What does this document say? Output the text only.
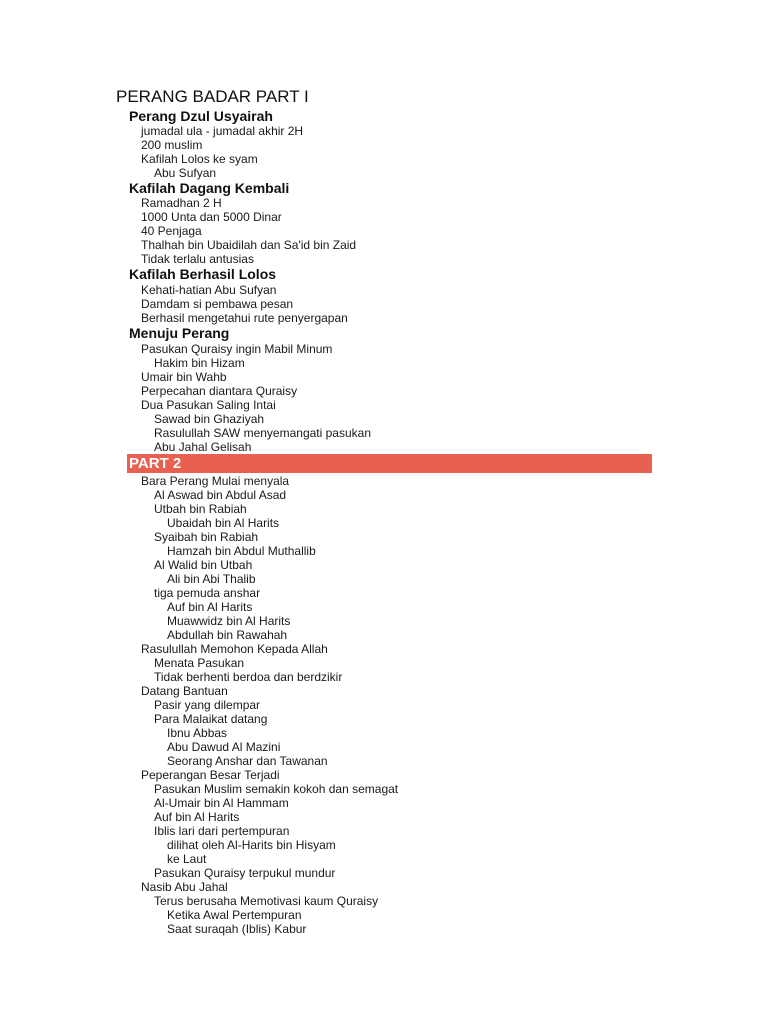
PERANG BADAR PART I
Perang Dzul Usyairah
jumadal ula - jumadal akhir 2H
200 muslim
Kafilah Lolos ke syam
Abu Sufyan
Kafilah Dagang Kembali
Ramadhan 2 H
1000 Unta dan 5000 Dinar
40 Penjaga
Thalhah bin Ubaidilah dan Sa'id bin Zaid
Tidak terlalu antusias
Kafilah Berhasil Lolos
Kehati-hatian Abu Sufyan
Damdam si pembawa pesan
Berhasil mengetahui rute penyergapan
Menuju Perang
Pasukan Quraisy ingin Mabil Minum
Hakim bin Hizam
Umair bin Wahb
Perpecahan diantara Quraisy
Dua Pasukan Saling Intai
Sawad bin Ghaziyah
Rasulullah SAW menyemangati pasukan
Abu Jahal Gelisah
PART 2
Bara Perang Mulai menyala
Al Aswad bin Abdul Asad
Utbah bin Rabiah
Ubaidah bin Al Harits
Syaibah bin Rabiah
Hamzah bin Abdul Muthallib
Al Walid bin Utbah
Ali bin Abi Thalib
tiga pemuda anshar
Auf bin Al Harits
Muawwidz bin Al Harits
Abdullah bin Rawahah
Rasulullah Memohon Kepada Allah
Menata Pasukan
Tidak berhenti berdoa dan berdzikir
Datang Bantuan
Pasir yang dilempar
Para Malaikat datang
Ibnu Abbas
Abu Dawud Al Mazini
Seorang Anshar dan Tawanan
Peperangan Besar Terjadi
Pasukan Muslim semakin kokoh dan semagat
Al-Umair bin Al Hammam
Auf bin Al Harits
Iblis lari dari pertempuran
dilihat oleh Al-Harits bin Hisyam
ke Laut
Pasukan Quraisy terpukul mundur
Nasib Abu Jahal
Terus berusaha Memotivasi kaum Quraisy
Ketika Awal Pertempuran
Saat suraqah (Iblis) Kabur
